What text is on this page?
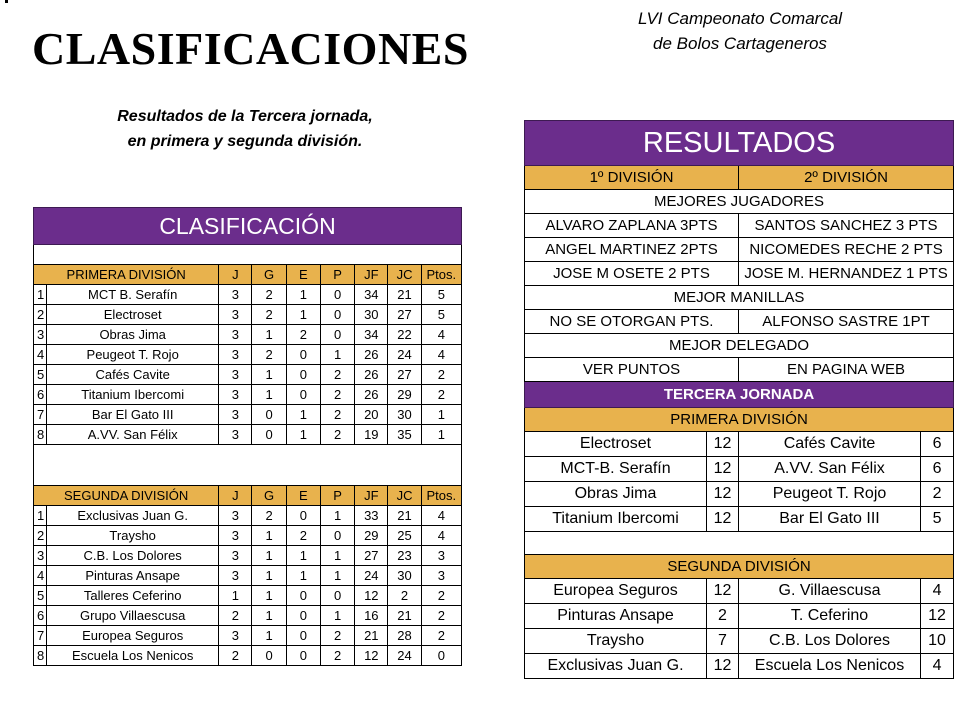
CLASIFICACIONES
LVI Campeonato Comarcal
de Bolos Cartageneros
Resultados de la Tercera jornada,
en primera y segunda división.
CLASIFICACIÓN								

PRIMERA DIVISIÓN		J	G	E	P	JF	JC	Ptos.
1	MCT B. Serafín	3	2	1	0	34	21	5
2	Electroset	3	2	1	0	30	27	5
3	Obras Jima	3	1	2	0	34	22	4
4	Peugeot T. Rojo	3	2	0	1	26	24	4
5	Cafés Cavite	3	1	0	2	26	27	2
6	Titanium Ibercomi	3	1	0	2	26	29	2
7	Bar El Gato III	3	0	1	2	20	30	1
8	A.VV. San Félix	3	0	1	2	19	35	1

SEGUNDA DIVISIÓN		J	G	E	P	JF	JC	Ptos.
1	Exclusivas Juan G.	3	2	0	1	33	21	4
2	Traysho	3	1	2	0	29	25	4
3	C.B. Los Dolores	3	1	1	1	27	23	3
4	Pinturas Ansape	3	1	1	1	24	30	3
5	Talleres Ceferino	1	1	0	0	12	2	2
6	Grupo Villaescusa	2	1	0	1	16	21	2
7	Europea Seguros	3	1	0	2	21	28	2
8	Escuela Los Nenicos	2	0	0	2	12	24	0
RESULTADOS			
1º DIVISIÓN		2º DIVISIÓN	
MEJORES JUGADORES			
ALVARO ZAPLANA 3PTS		SANTOS SANCHEZ 3 PTS	
ANGEL MARTINEZ 2PTS		NICOMEDES RECHE 2 PTS	
JOSE M OSETE 2 PTS		JOSE M. HERNANDEZ 1 PTS	
MEJOR MANILLAS			
NO SE OTORGAN PTS.		ALFONSO SASTRE 1PT	
MEJOR DELEGADO			
VER PUNTOS		EN PAGINA WEB	
TERCERA JORNADA			
PRIMERA DIVISIÓN			
Electroset	12	Cafés Cavite	6
MCT-B. Serafín	12	A.VV. San Félix	6
Obras Jima	12	Peugeot T. Rojo	2
Titanium Ibercomi	12	Bar El Gato III	5

SEGUNDA DIVISIÓN			
Europea Seguros	12	G. Villaescusa	4
Pinturas Ansape	2	T. Ceferino	12
Traysho	7	C.B. Los Dolores	10
Exclusivas Juan G.	12	Escuela Los Nenicos	4
